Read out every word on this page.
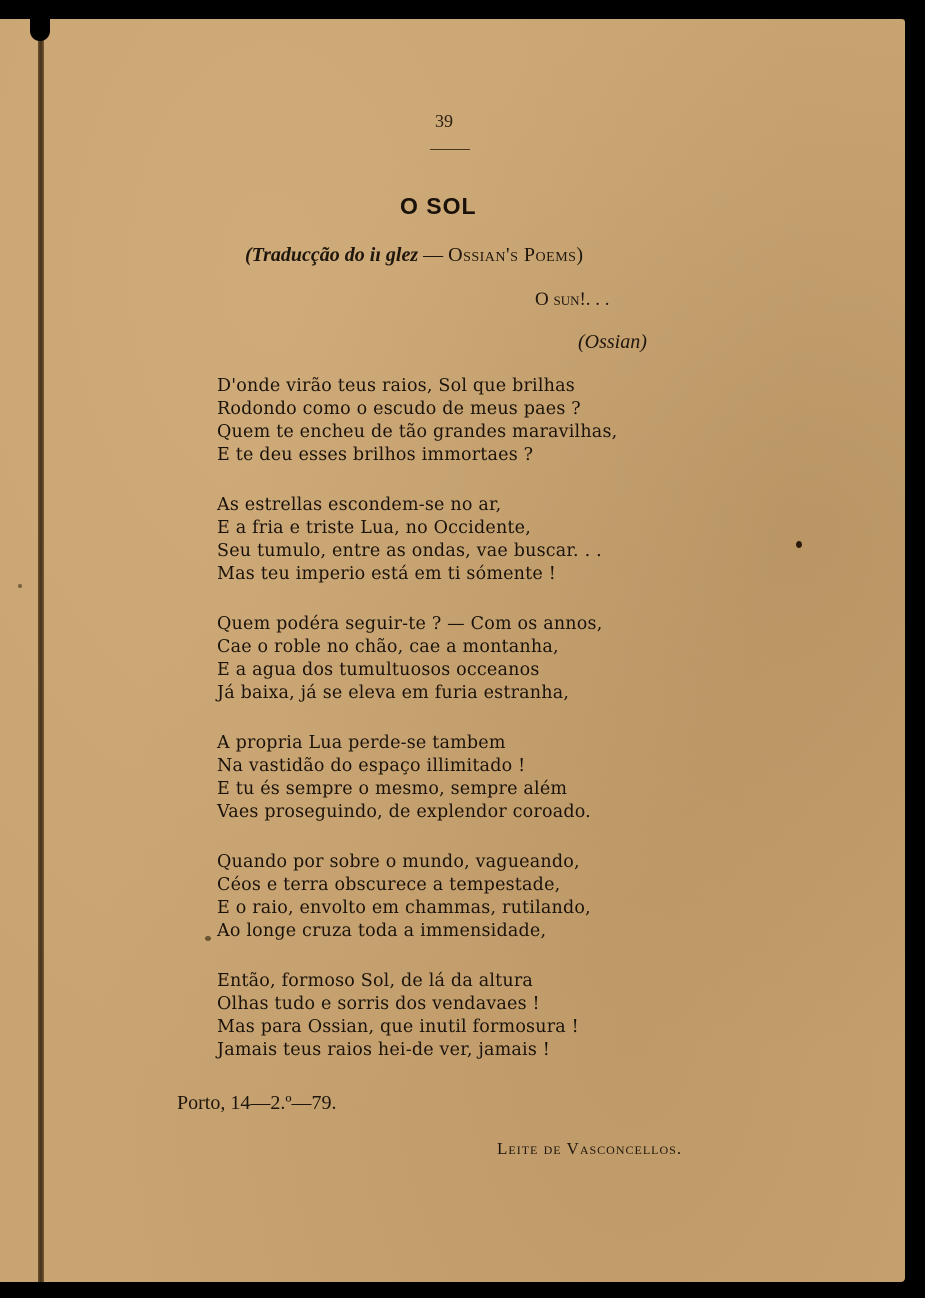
39
O SOL
(Traducção do iı glez — Ossian's Poems)
O sun!. . .
(Ossian)
D'onde virão teus raios, Sol que brilhas
Rodondo como o escudo de meus paes ?
Quem te encheu de tão grandes maravilhas,
E te deu esses brilhos immortaes ?
As estrellas escondem-se no ar,
E a fria e triste Lua, no Occidente,
Seu tumulo, entre as ondas, vae buscar. . .
Mas teu imperio está em ti sómente !
Quem podéra seguir-te ? — Com os annos,
Cae o roble no chão, cae a montanha,
E a agua dos tumultuosos occeanos
Já baixa, já se eleva em furia estranha,
A propria Lua perde-se tambem
Na vastidão do espaço illimitado !
E tu és sempre o mesmo, sempre além
Vaes proseguindo, de explendor coroado.
Quando por sobre o mundo, vagueando,
Céos e terra obscurece a tempestade,
E o raio, envolto em chammas, rutilando,
Ao longe cruza toda a immensidade,
Então, formoso Sol, de lá da altura
Olhas tudo e sorris dos vendavaes !
Mas para Ossian, que inutil formosura !
Jamais teus raios hei-de ver, jamais !
Porto, 14—2.º—79.
Leite de Vasconcellos.
